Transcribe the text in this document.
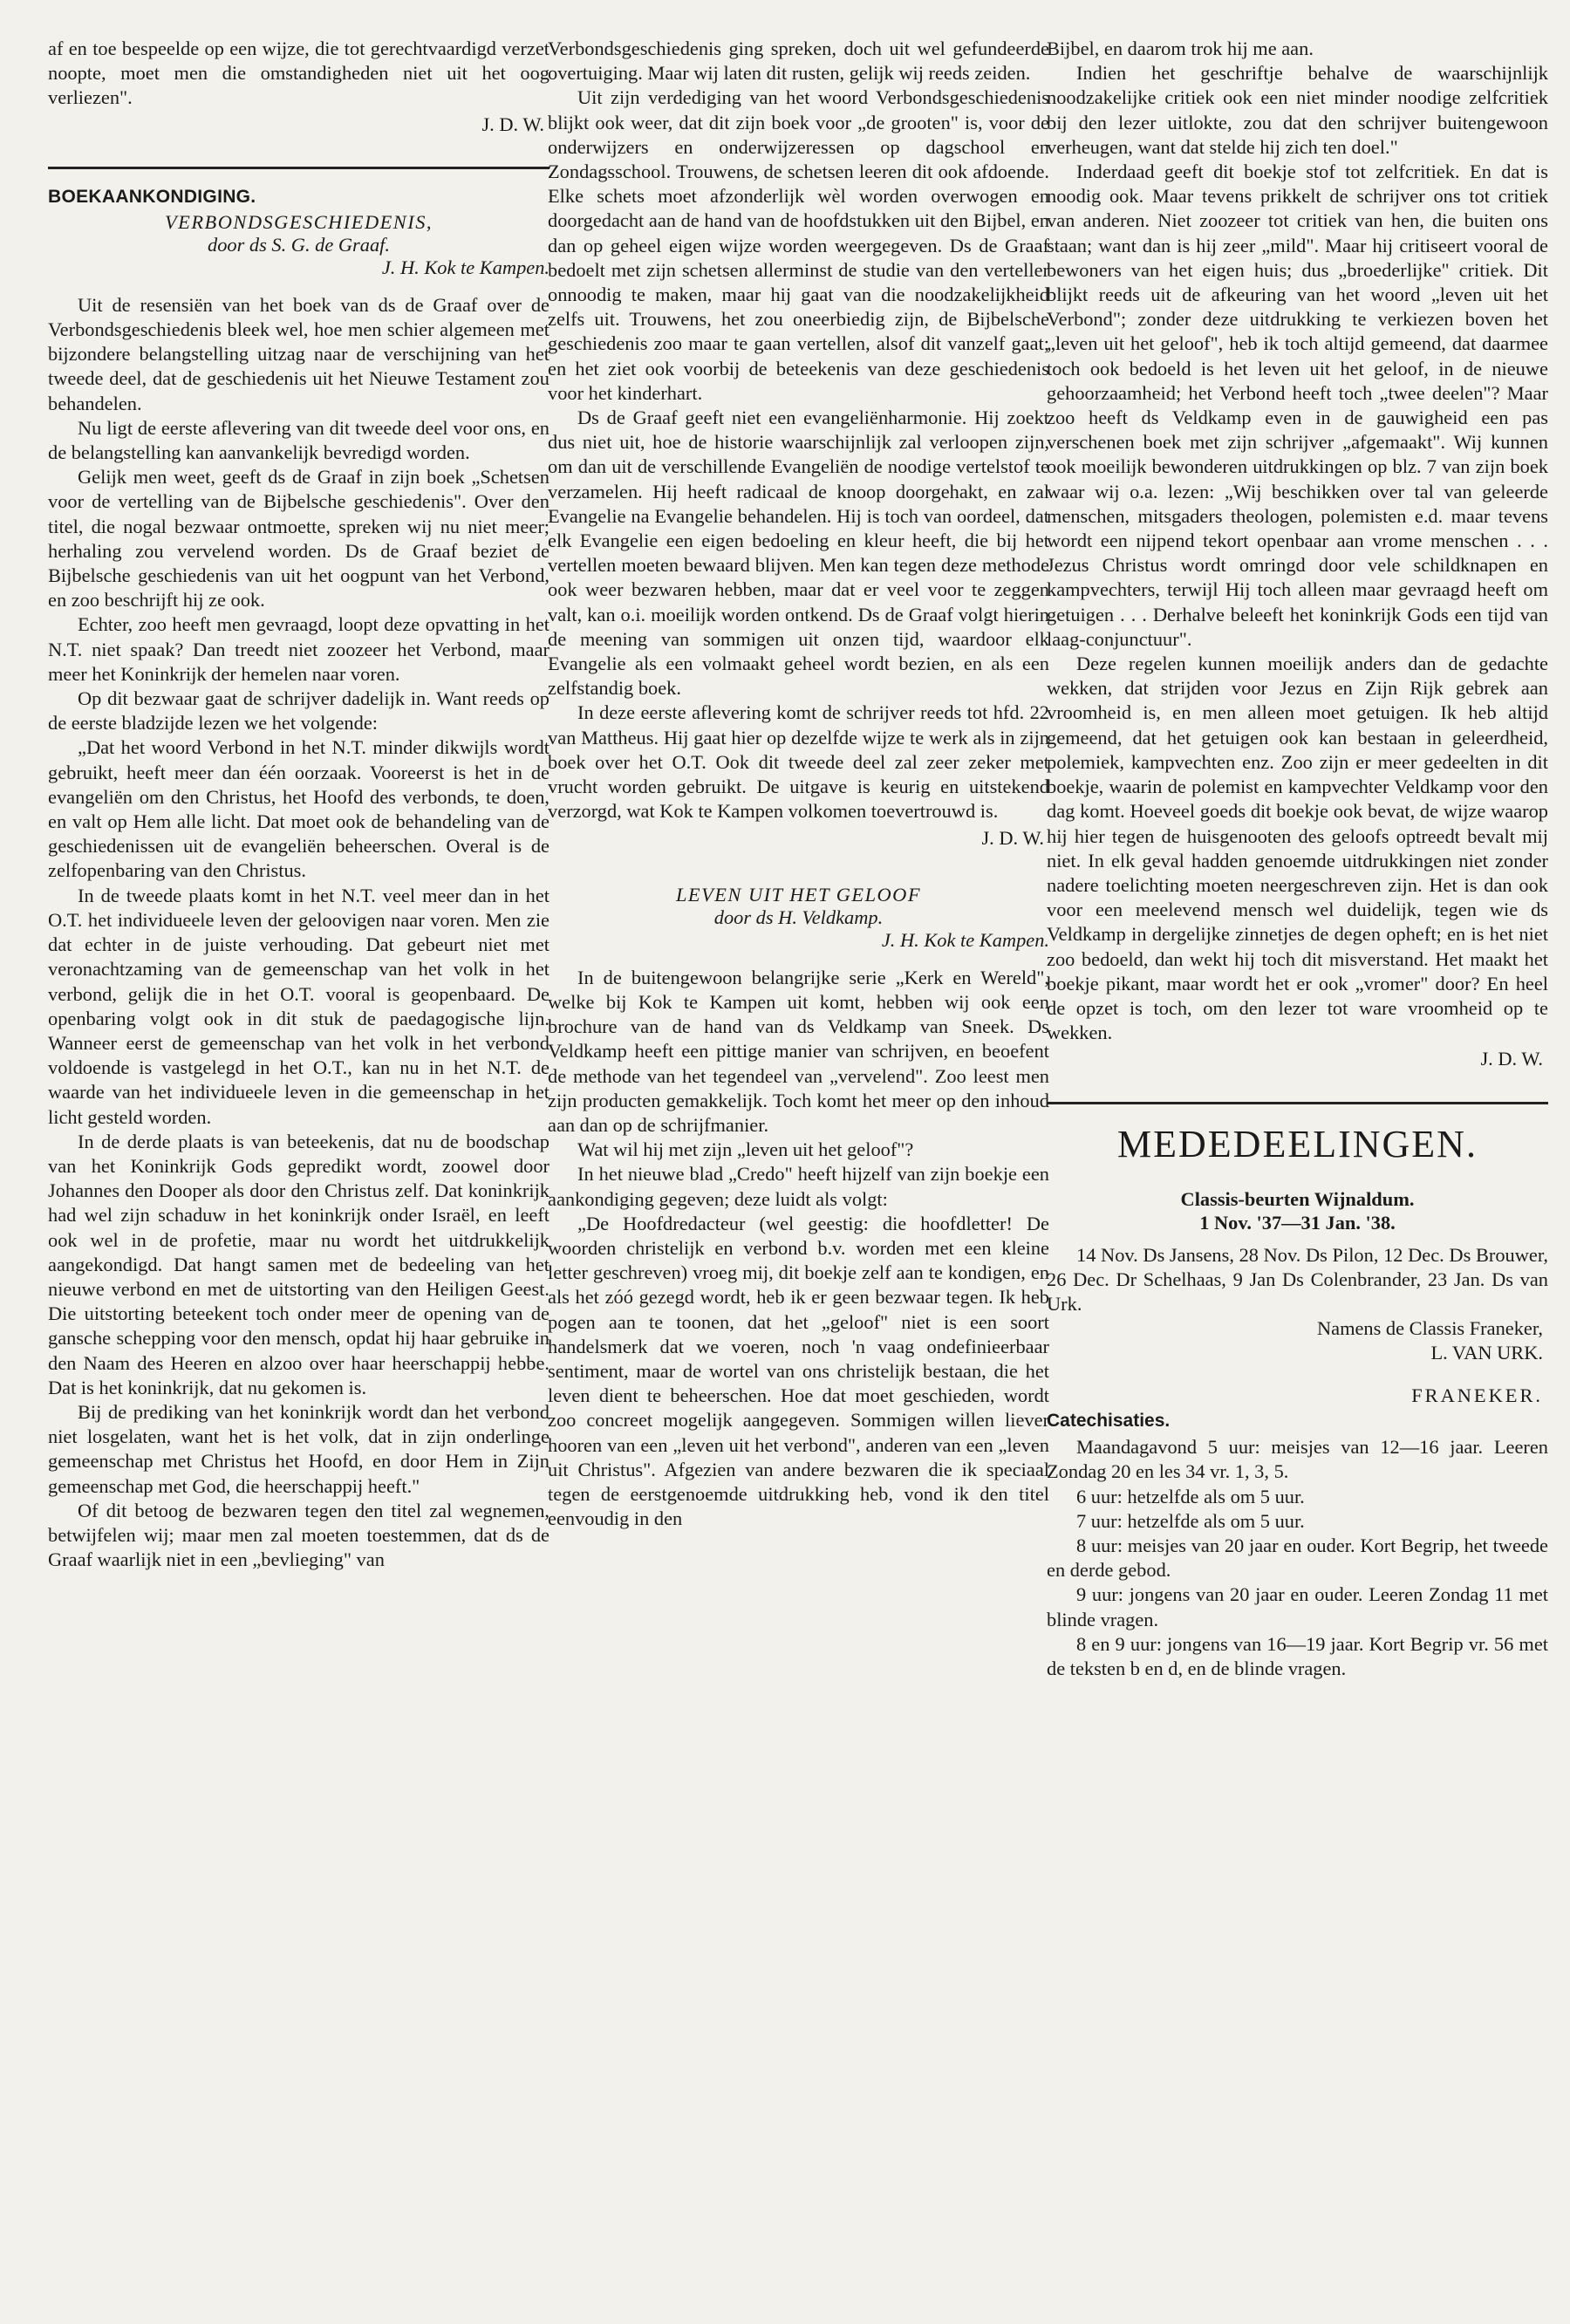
af en toe bespeelde op een wijze, die tot gerechtvaardigd verzet noopte, moet men die omstandigheden niet uit het oog verliezen".

J. D. W.
BOEKAANKONDIGING.
VERBONDSGESCHIEDENIS,
door ds S. G. de Graaf.
J. H. Kok te Kampen.

Uit de resensiën van het boek van ds de Graaf over de Verbondsgeschiedenis bleek wel, hoe men schier algemeen met bijzondere belangstelling uitzag naar de verschijning van het tweede deel, dat de geschiedenis uit het Nieuwe Testament zou behandelen.

Nu ligt de eerste aflevering van dit tweede deel voor ons, en de belangstelling kan aanvankelijk bevredigd worden.

Gelijk men weet, geeft ds de Graaf in zijn boek „Schetsen voor de vertelling van de Bijbelsche geschiedenis". Over den titel, die nogal bezwaar ontmoette, spreken wij nu niet meer; herhaling zou vervelend worden. Ds de Graaf beziet de Bijbelsche geschiedenis van uit het oogpunt van het Verbond, en zoo beschrijft hij ze ook.

Echter, zoo heeft men gevraagd, loopt deze opvatting in het N.T. niet spaak? Dan treedt niet zoozeer het Verbond, maar meer het Koninkrijk der hemelen naar voren.

Op dit bezwaar gaat de schrijver dadelijk in. Want reeds op de eerste bladzijde lezen we het volgende:

„Dat het woord Verbond in het N.T. minder dikwijls wordt gebruikt, heeft meer dan één oorzaak. Vooreerst is het in de evangeliën om den Christus, het Hoofd des verbonds, te doen, en valt op Hem alle licht. Dat moet ook de behandeling van de geschiedenissen uit de evangeliën beheerschen. Overal is de zelfopenbaring van den Christus.

In de tweede plaats komt in het N.T. veel meer dan in het O.T. het individueele leven der geloovigen naar voren. Men zie dat echter in de juiste verhouding. Dat gebeurt niet met veronachtzaming van de gemeenschap van het volk in het verbond, gelijk die in het O.T. vooral is geopenbaard. De openbaring volgt ook in dit stuk de paedagogische lijn. Wanneer eerst de gemeenschap van het volk in het verbond voldoende is vastgelegd in het O.T., kan nu in het N.T. de waarde van het individueele leven in die gemeenschap in het licht gesteld worden.

In de derde plaats is van beteekenis, dat nu de boodschap van het Koninkrijk Gods gepredikt wordt, zoowel door Johannes den Dooper als door den Christus zelf. Dat koninkrijk had wel zijn schaduw in het koninkrijk onder Israël, en leeft ook wel in de profetie, maar nu wordt het uitdrukkelijk aangekondigd. Dat hangt samen met de bedeeling van het nieuwe verbond en met de uitstorting van den Heiligen Geest. Die uitstorting beteekent toch onder meer de opening van de gansche schepping voor den mensch, opdat hij haar gebruike in den Naam des Heeren en alzoo over haar heerschappij hebbe. Dat is het koninkrijk, dat nu gekomen is.

Bij de prediking van het koninkrijk wordt dan het verbond niet losgelaten, want het is het volk, dat in zijn onderlinge gemeenschap met Christus het Hoofd, en door Hem in Zijn gemeenschap met God, die heerschappij heeft."

Of dit betoog de bezwaren tegen den titel zal wegnemen, betwijfelen wij; maar men zal moeten toestemmen, dat ds de Graaf waarlijk niet in een „bevlieging" van

Verbondsgeschiedenis ging spreken, doch uit wel gefundeerde overtuiging. Maar wij laten dit rusten, gelijk wij reeds zeiden.

Uit zijn verdediging van het woord Verbondsgeschiedenis blijkt ook weer, dat dit zijn boek voor „de grooten" is, voor de onderwijzers en onderwijzeressen op dagschool en Zondagsschool. Trouwens, de schetsen leeren dit ook afdoende. Elke schets moet afzonderlijk wèl worden overwogen en doorgedacht aan de hand van de hoofdstukken uit den Bijbel, en dan op geheel eigen wijze worden weergegeven. Ds de Graaf bedoelt met zijn schetsen allerminst de studie van den verteller onnoodig te maken, maar hij gaat van die noodzakelijkheid zelfs uit. Trouwens, het zou oneerbiedig zijn, de Bijbelsche geschiedenis zoo maar te gaan vertellen, alsof dit vanzelf gaat; en het ziet ook voorbij de beteekenis van deze geschiedenis voor het kinderhart.

Ds de Graaf geeft niet een evangeliënharmonie. Hij zoekt dus niet uit, hoe de historie waarschijnlijk zal verloopen zijn, om dan uit de verschillende Evangeliën de noodige vertelstof te verzamelen. Hij heeft radicaal de knoop doorgehakt, en zal Evangelie na Evangelie behandelen. Hij is toch van oordeel, dat elk Evangelie een eigen bedoeling en kleur heeft, die bij het vertellen moeten bewaard blijven. Men kan tegen deze methode ook weer bezwaren hebben, maar dat er veel voor te zeggen valt, kan o.i. moeilijk worden ontkend. Ds de Graaf volgt hierin de meening van sommigen uit onzen tijd, waardoor elk Evangelie als een volmaakt geheel wordt bezien, en als een zelfstandig boek.

In deze eerste aflevering komt de schrijver reeds tot hfd. 22 van Mattheus. Hij gaat hier op dezelfde wijze te werk als in zijn boek over het O.T. Ook dit tweede deel zal zeer zeker met vrucht worden gebruikt. De uitgave is keurig en uitstekend verzorgd, wat Kok te Kampen volkomen toevertrouwd is.

J. D. W.
LEVEN UIT HET GELOOF
door ds H. Veldkamp.
J. H. Kok te Kampen.

In de buitengewoon belangrijke serie „Kerk en Wereld", welke bij Kok te Kampen uit komt, hebben wij ook een brochure van de hand van ds Veldkamp van Sneek. Ds Veldkamp heeft een pittige manier van schrijven, en beoefent de methode van het tegendeel van „vervelend". Zoo leest men zijn producten gemakkelijk. Toch komt het meer op den inhoud aan dan op de schrijfmanier.

Wat wil hij met zijn „leven uit het geloof"?

In het nieuwe blad „Credo" heeft hijzelf van zijn boekje een aankondiging gegeven; deze luidt als volgt:

„De Hoofdredacteur (wel geestig: die hoofdletter! De woorden christelijk en verbond b.v. worden met een kleine letter geschreven) vroeg mij, dit boekje zelf aan te kondigen, en als het zóó gezegd wordt, heb ik er geen bezwaar tegen. Ik heb pogen aan te toonen, dat het „geloof" niet is een soort handelsmerk dat we voeren, noch 'n vaag ondefinieerbaar sentiment, maar de wortel van ons christelijk bestaan, die het leven dient te beheerschen. Hoe dat moet geschieden, wordt zoo concreet mogelijk aangegeven. Sommigen willen liever hooren van een „leven uit het verbond", anderen van een „leven uit Christus". Afgezien van andere bezwaren die ik speciaal tegen de eerstgenoemde uitdrukking heb, vond ik den titel eenvoudig in den

Bijbel, en daarom trok hij me aan.

Indien het geschriftje behalve de waarschijnlijk noodzakelijke critiek ook een niet minder noodige zelfcritiek bij den lezer uitlokte, zou dat den schrijver buitengewoon verheugen, want dat stelde hij zich ten doel."

Inderdaad geeft dit boekje stof tot zelfcritiek. En dat is noodig ook. Maar tevens prikkelt de schrijver ons tot critiek van anderen. Niet zoozeer tot critiek van hen, die buiten ons staan; want dan is hij zeer „mild". Maar hij critiseert vooral de bewoners van het eigen huis; dus „broederlijke" critiek. Dit blijkt reeds uit de afkeuring van het woord „leven uit het Verbond"; zonder deze uitdrukking te verkiezen boven het „leven uit het geloof", heb ik toch altijd gemeend, dat daarmee toch ook bedoeld is het leven uit het geloof, in de nieuwe gehoorzaamheid; het Verbond heeft toch „twee deelen"? Maar zoo heeft ds Veldkamp even in de gauwigheid een pas verschenen boek met zijn schrijver „afgemaakt". Wij kunnen ook moeilijk bewonderen uitdrukkingen op blz. 7 van zijn boek waar wij o.a. lezen: „Wij beschikken over tal van geleerde menschen, mitsgaders theologen, polemisten e.d. maar tevens wordt een nijpend tekort openbaar aan vrome menschen . . . Jezus Christus wordt omringd door vele schildknapen en kampvechters, terwijl Hij toch alleen maar gevraagd heeft om getuigen . . . Derhalve beleeft het koninkrijk Gods een tijd van laag-conjunctuur".

Deze regelen kunnen moeilijk anders dan de gedachte wekken, dat strijden voor Jezus en Zijn Rijk gebrek aan vroomheid is, en men alleen moet getuigen. Ik heb altijd gemeend, dat het getuigen ook kan bestaan in geleerdheid, polemiek, kampvechten enz. Zoo zijn er meer gedeelten in dit boekje, waarin de polemist en kampvechter Veldkamp voor den dag komt. Hoeveel goeds dit boekje ook bevat, de wijze waarop hij hier tegen de huisgenooten des geloofs optreedt bevalt mij niet. In elk geval hadden genoemde uitdrukkingen niet zonder nadere toelichting moeten neergeschreven zijn. Het is dan ook voor een meelevend mensch wel duidelijk, tegen wie ds Veldkamp in dergelijke zinnetjes de degen opheft; en is het niet zoo bedoeld, dan wekt hij toch dit misverstand. Het maakt het boekje pikant, maar wordt het er ook „vromer" door? En heel de opzet is toch, om den lezer tot ware vroomheid op te wekken.

J. D. W.
MEDEDEELINGEN.
Classis-beurten Wijnaldum.
1 Nov. '37—31 Jan. '38.

14 Nov. Ds Jansens, 28 Nov. Ds Pilon, 12 Dec. Ds Brouwer, 26 Dec. Dr Schelhaas, 9 Jan Ds Colenbrander, 23 Jan. Ds van Urk.

Namens de Classis Franeker,
L. VAN URK.
FRANEKER.
Catechisaties.

Maandagavond 5 uur: meisjes van 12—16 jaar. Leeren Zondag 20 en les 34 vr. 1, 3, 5.

6 uur: hetzelfde als om 5 uur.

7 uur: hetzelfde als om 5 uur.

8 uur: meisjes van 20 jaar en ouder. Kort Begrip, het tweede en derde gebod.

9 uur: jongens van 20 jaar en ouder. Leeren Zondag 11 met blinde vragen.

8 en 9 uur: jongens van 16—19 jaar. Kort Begrip vr. 56 met de teksten b en d, en de blinde vragen.
